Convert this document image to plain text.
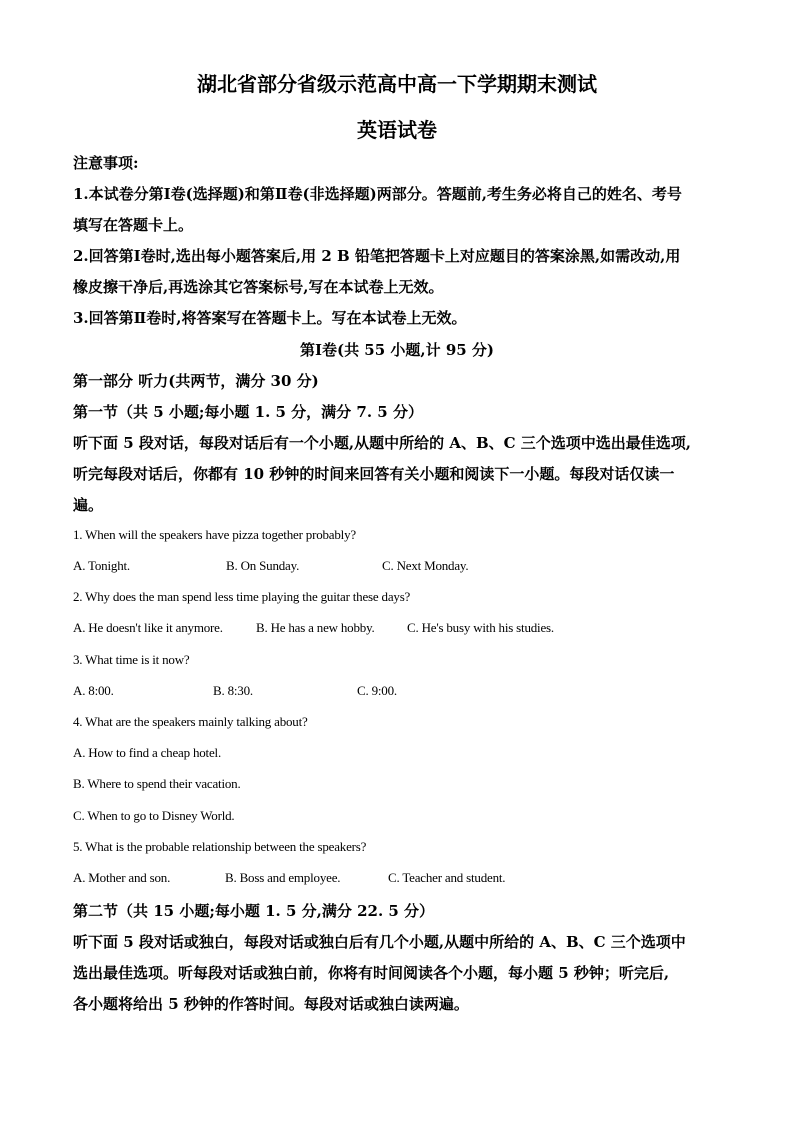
湖北省部分省级示范高中高一下学期期末测试
英语试卷
注意事项:
1.本试卷分第Ⅰ卷(选择题)和第Ⅱ卷(非选择题)两部分。答题前,考生务必将自己的姓名、考号
填写在答题卡上。
2.回答第Ⅰ卷时,选出每小题答案后,用 2 B 铅笔把答题卡上对应题目的答案涂黑,如需改动,用
橡皮擦干净后,再选涂其它答案标号,写在本试卷上无效。
3.回答第Ⅱ卷时,将答案写在答题卡上。写在本试卷上无效。
第Ⅰ卷(共 55 小题,计 95 分)
第一部分 听力(共两节，满分 30 分)
第一节（共 5 小题;每小题 1. 5 分，满分 7. 5 分）
听下面 5 段对话，每段对话后有一个小题,从题中所给的 A、B、C 三个选项中选出最佳选项,
听完每段对话后，你都有 10 秒钟的时间来回答有关小题和阅读下一小题。每段对话仅读一
遍。
1. When will the speakers have pizza together probably?
A. Tonight.	B. On Sunday.	C. Next Monday.
2. Why does the man spend less time playing the guitar these days?
A. He doesn't like it anymore.	B. He has a new hobby. C. He's busy with his studies.
3. What time is it now?
A. 8:00.	B. 8:30.	C. 9:00.
4. What are the speakers mainly talking about?
A. How to find a cheap hotel.
B. Where to spend their vacation.
C. When to go to Disney World.
5. What is the probable relationship between the speakers?
A. Mother and son.	B. Boss and employee.	C. Teacher and student.
第二节（共 15 小题;每小题 1. 5 分,满分 22. 5 分）
听下面 5 段对话或独白，每段对话或独白后有几个小题,从题中所给的 A、B、C 三个选项中
选出最佳选项。听每段对话或独白前，你将有时间阅读各个小题，每小题 5 秒钟；听完后,
各小题将给出 5 秒钟的作答时间。每段对话或独白读两遍。
